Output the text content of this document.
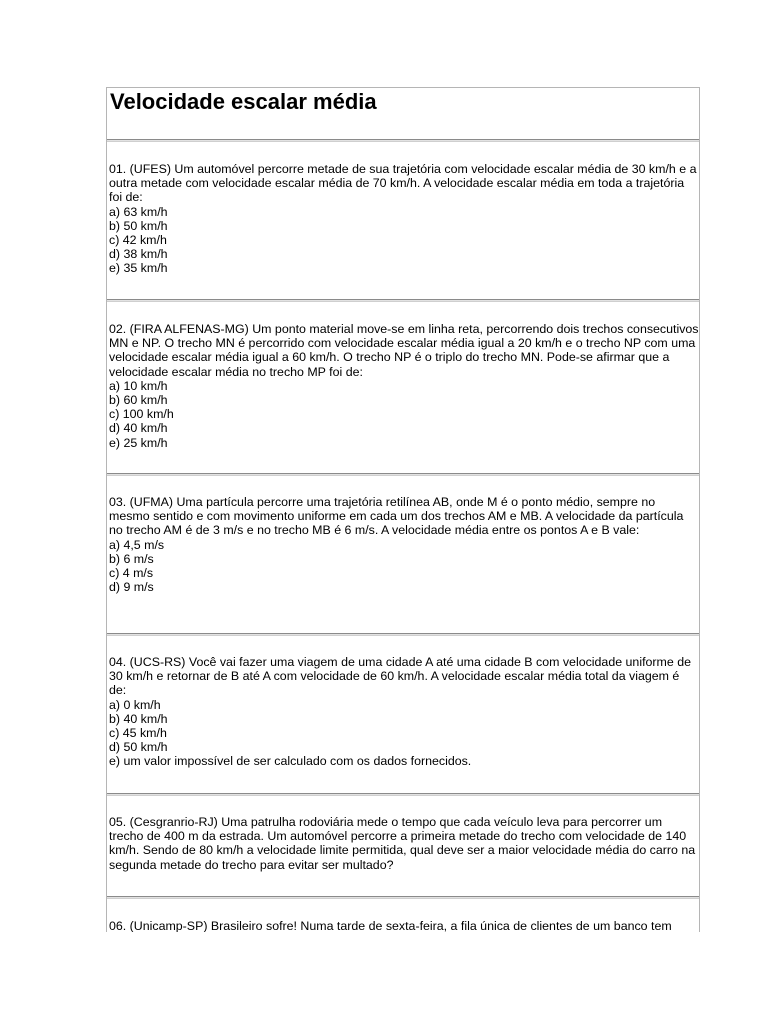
Velocidade escalar média
01. (UFES) Um automóvel percorre metade de sua trajetória com velocidade escalar média de 30 km/h e a outra metade com velocidade escalar média de 70 km/h. A velocidade escalar média em toda a trajetória foi de:
a) 63 km/h
b) 50 km/h
c) 42 km/h
d) 38 km/h
e) 35 km/h
02. (FIRA ALFENAS-MG) Um ponto material move-se em linha reta, percorrendo dois trechos consecutivos MN e NP. O trecho MN é percorrido com velocidade escalar média igual a 20 km/h e o trecho NP com uma velocidade escalar média igual a 60 km/h. O trecho NP é o triplo do trecho MN. Pode-se afirmar que a velocidade escalar média no trecho MP foi de:
a) 10 km/h
b) 60 km/h
c) 100 km/h
d) 40 km/h
e) 25 km/h
03. (UFMA) Uma partícula percorre uma trajetória retilínea AB, onde M é o ponto médio, sempre no mesmo sentido e com movimento uniforme em cada um dos trechos AM e MB. A velocidade da partícula no trecho AM é de 3 m/s e no trecho MB é 6 m/s. A velocidade média entre os pontos A e B vale:
a) 4,5 m/s
b) 6 m/s
c) 4 m/s
d) 9 m/s
04. (UCS-RS) Você vai fazer uma viagem de uma cidade A até uma cidade B com velocidade uniforme de 30 km/h e retornar de B até A com velocidade de 60 km/h. A velocidade escalar média total da viagem é de:
a) 0 km/h
b) 40 km/h
c) 45 km/h
d) 50 km/h
e) um valor impossível de ser calculado com os dados fornecidos.
05. (Cesgranrio-RJ) Uma patrulha rodoviária mede o tempo que cada veículo leva para percorrer um trecho de 400 m da estrada. Um automóvel percorre a primeira metade do trecho com velocidade de 140 km/h. Sendo de 80 km/h a velocidade limite permitida, qual deve ser a maior velocidade média do carro na segunda metade do trecho para evitar ser multado?
06. (Unicamp-SP) Brasileiro sofre! Numa tarde de sexta-feira, a fila única de clientes de um banco tem
